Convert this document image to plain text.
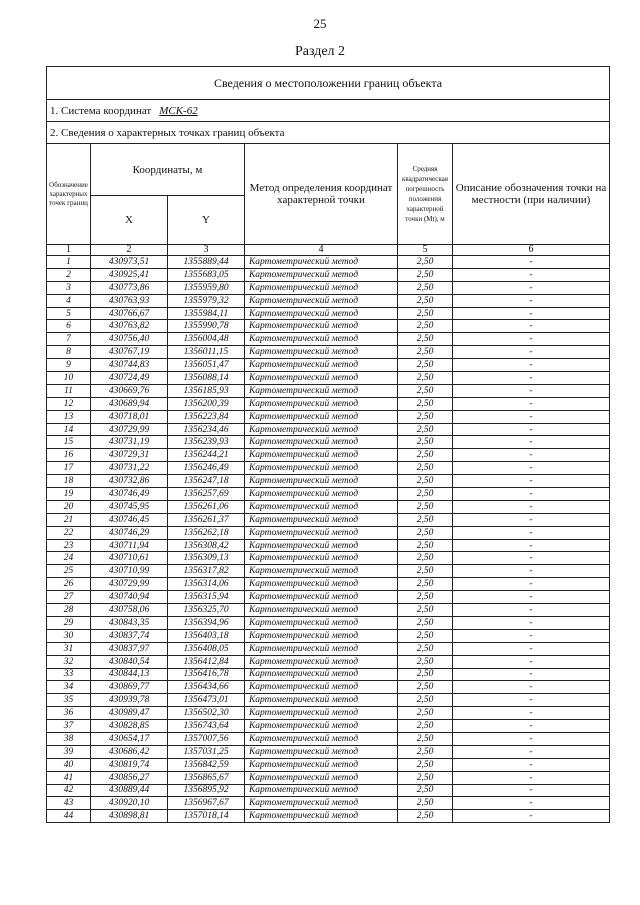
25
Раздел 2
Сведения о местоположении границ объекта					
1. Система координат МСК-62					
2. Сведения о характерных точках границ объекта					
Обозначение характерных точек границ	Координаты, м		Метод определения координат характерной точки	Средняя квадратическая погрешность положения характерной точки (Mt), м	Описание обозначения точки на местности (при наличии)
	X	Y			
1	2	3	4	5	6
1	430973,51	1355889,44	Картометрический метод	2,50	-
2	430925,41	1355683,05	Картометрический метод	2,50	-
3	430773,86	1355959,80	Картометрический метод	2,50	-
4	430763,93	1355979,32	Картометрический метод	2,50	-
5	430766,67	1355984,11	Картометрический метод	2,50	-
6	430763,82	1355990,78	Картометрический метод	2,50	-
7	430756,40	1356004,48	Картометрический метод	2,50	-
8	430767,19	1356011,15	Картометрический метод	2,50	-
9	430744,83	1356051,47	Картометрический метод	2,50	-
10	430724,49	1356088,14	Картометрический метод	2,50	-
11	430669,76	1356185,93	Картометрический метод	2,50	-
12	430689,94	1356200,39	Картометрический метод	2,50	-
13	430718,01	1356223,84	Картометрический метод	2,50	-
14	430729,99	1356234,46	Картометрический метод	2,50	-
15	430731,19	1356239,93	Картометрический метод	2,50	-
16	430729,31	1356244,21	Картометрический метод	2,50	-
17	430731,22	1356246,49	Картометрический метод	2,50	-
18	430732,86	1356247,18	Картометрический метод	2,50	-
19	430746,49	1356257,69	Картометрический метод	2,50	-
20	430745,95	1356261,06	Картометрический метод	2,50	-
21	430746,45	1356261,37	Картометрический метод	2,50	-
22	430746,29	1356262,18	Картометрический метод	2,50	-
23	430711,94	1356308,42	Картометрический метод	2,50	-
24	430710,61	1356309,13	Картометрический метод	2,50	-
25	430710,99	1356317,82	Картометрический метод	2,50	-
26	430729,99	1356314,06	Картометрический метод	2,50	-
27	430740,94	1356315,94	Картометрический метод	2,50	-
28	430758,06	1356325,70	Картометрический метод	2,50	-
29	430843,35	1356394,96	Картометрический метод	2,50	-
30	430837,74	1356403,18	Картометрический метод	2,50	-
31	430837,97	1356408,05	Картометрический метод	2,50	-
32	430840,54	1356412,84	Картометрический метод	2,50	-
33	430844,13	1356416,78	Картометрический метод	2,50	-
34	430869,77	1356434,66	Картометрический метод	2,50	-
35	430939,78	1356473,01	Картометрический метод	2,50	-
36	430989,47	1356502,30	Картометрический метод	2,50	-
37	430828,85	1356743,64	Картометрический метод	2,50	-
38	430654,17	1357007,56	Картометрический метод	2,50	-
39	430686,42	1357031,25	Картометрический метод	2,50	-
40	430819,74	1356842,59	Картометрический метод	2,50	-
41	430856,27	1356865,67	Картометрический метод	2,50	-
42	430889,44	1356895,92	Картометрический метод	2,50	-
43	430920,10	1356967,67	Картометрический метод	2,50	-
44	430898,81	1357018,14	Картометрический метод	2,50	-
